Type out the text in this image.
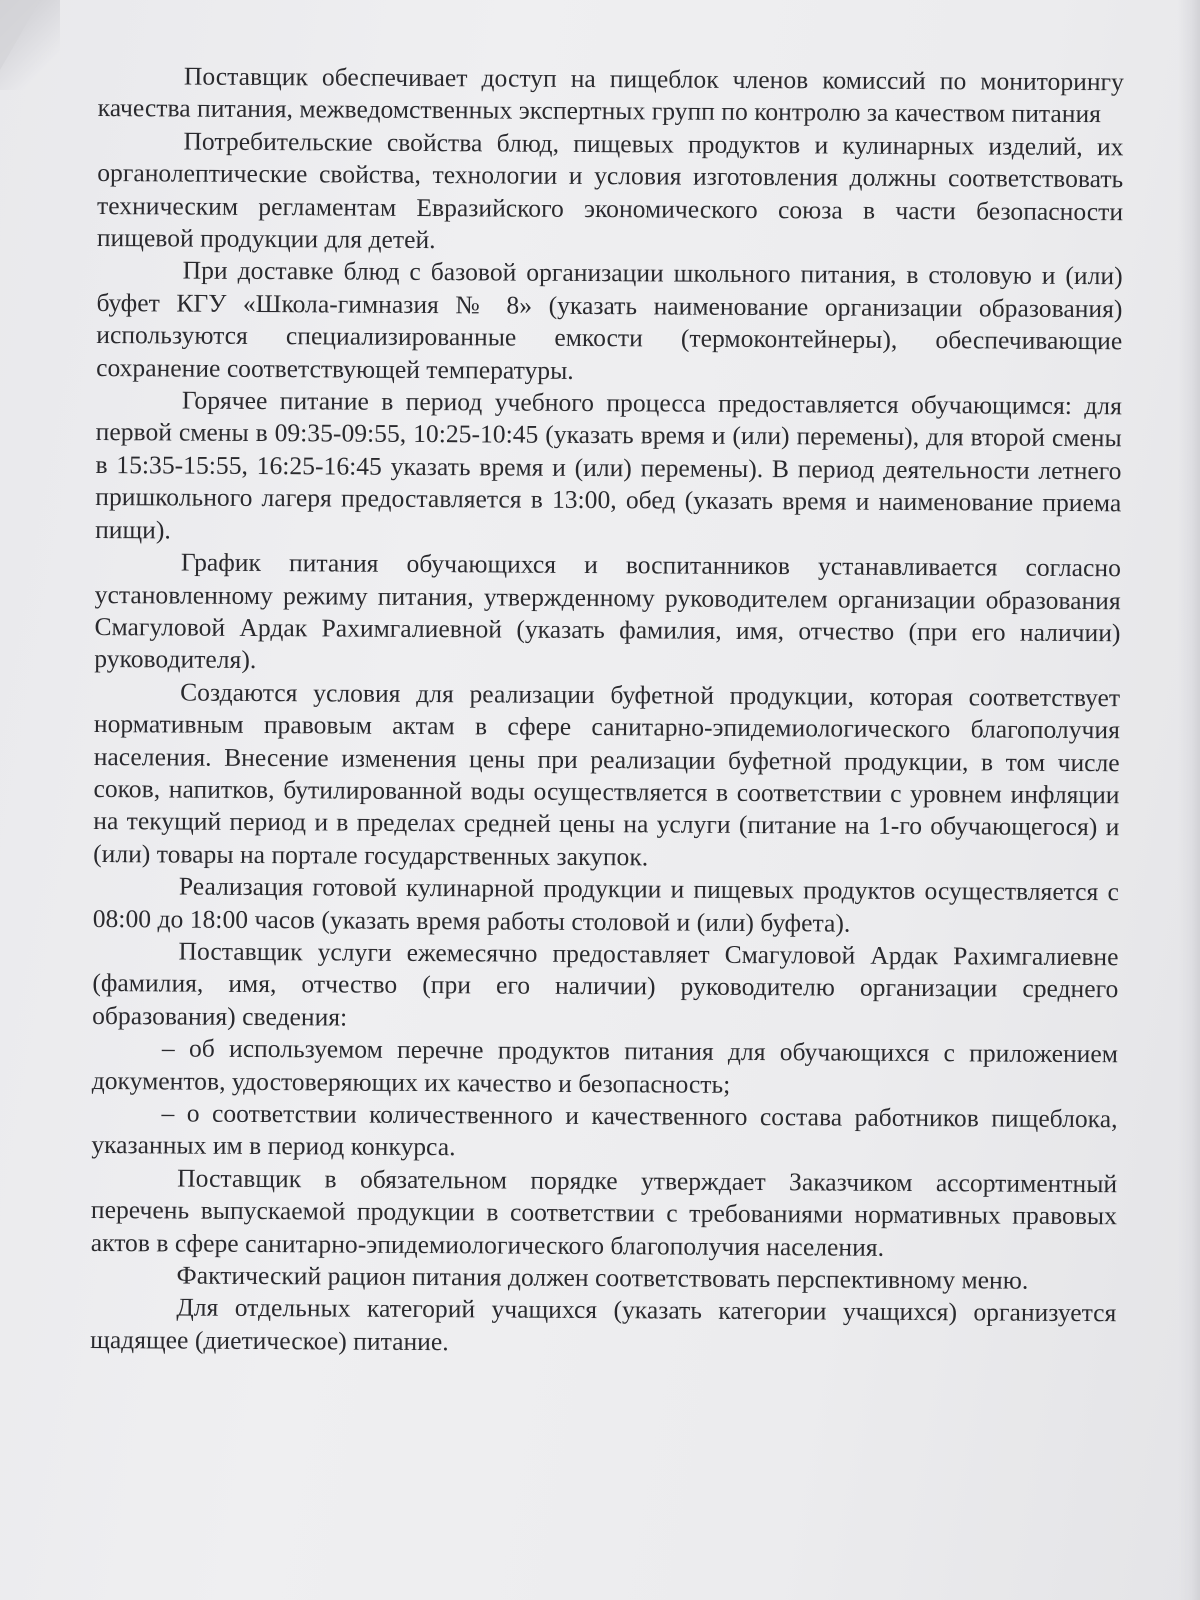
Поставщик обеспечивает доступ на пищеблок членов комиссий по мониторингу качества питания, межведомственных экспертных групп по контролю за качеством питания

Потребительские свойства блюд, пищевых продуктов и кулинарных изделий, их органолептические свойства, технологии и условия изготовления должны соответствовать техническим регламентам Евразийского экономического союза в части безопасности пищевой продукции для детей.

При доставке блюд с базовой организации школьного питания, в столовую и (или) буфет КГУ «Школа-гимназия № 8» (указать наименование организации образования) используются специализированные емкости (термоконтейнеры), обеспечивающие сохранение соответствующей температуры.

Горячее питание в период учебного процесса предоставляется обучающимся: для первой смены в 09:35-09:55, 10:25-10:45 (указать время и (или) перемены), для второй смены в 15:35-15:55, 16:25-16:45 указать время и (или) перемены). В период деятельности летнего пришкольного лагеря предоставляется в 13:00, обед (указать время и наименование приема пищи).

График питания обучающихся и воспитанников устанавливается согласно установленному режиму питания, утвержденному руководителем организации образования Смагуловой Ардак Рахимгалиевной (указать фамилия, имя, отчество (при его наличии) руководителя).

Создаются условия для реализации буфетной продукции, которая соответствует нормативным правовым актам в сфере санитарно-эпидемиологического благополучия населения. Внесение изменения цены при реализации буфетной продукции, в том числе соков, напитков, бутилированной воды осуществляется в соответствии с уровнем инфляции на текущий период и в пределах средней цены на услуги (питание на 1-го обучающегося) и (или) товары на портале государственных закупок.

Реализация готовой кулинарной продукции и пищевых продуктов осуществляется с 08:00 до 18:00 часов (указать время работы столовой и (или) буфета).

Поставщик услуги ежемесячно предоставляет Смагуловой Ардак Рахимгалиевне (фамилия, имя, отчество (при его наличии) руководителю организации среднего образования) сведения:

– об используемом перечне продуктов питания для обучающихся с приложением документов, удостоверяющих их качество и безопасность;

– о соответствии количественного и качественного состава работников пищеблока, указанных им в период конкурса.

Поставщик в обязательном порядке утверждает Заказчиком ассортиментный перечень выпускаемой продукции в соответствии с требованиями нормативных правовых актов в сфере санитарно-эпидемиологического благополучия населения.

Фактический рацион питания должен соответствовать перспективному меню.

Для отдельных категорий учащихся (указать категории учащихся) организуется щадящее (диетическое) питание.
